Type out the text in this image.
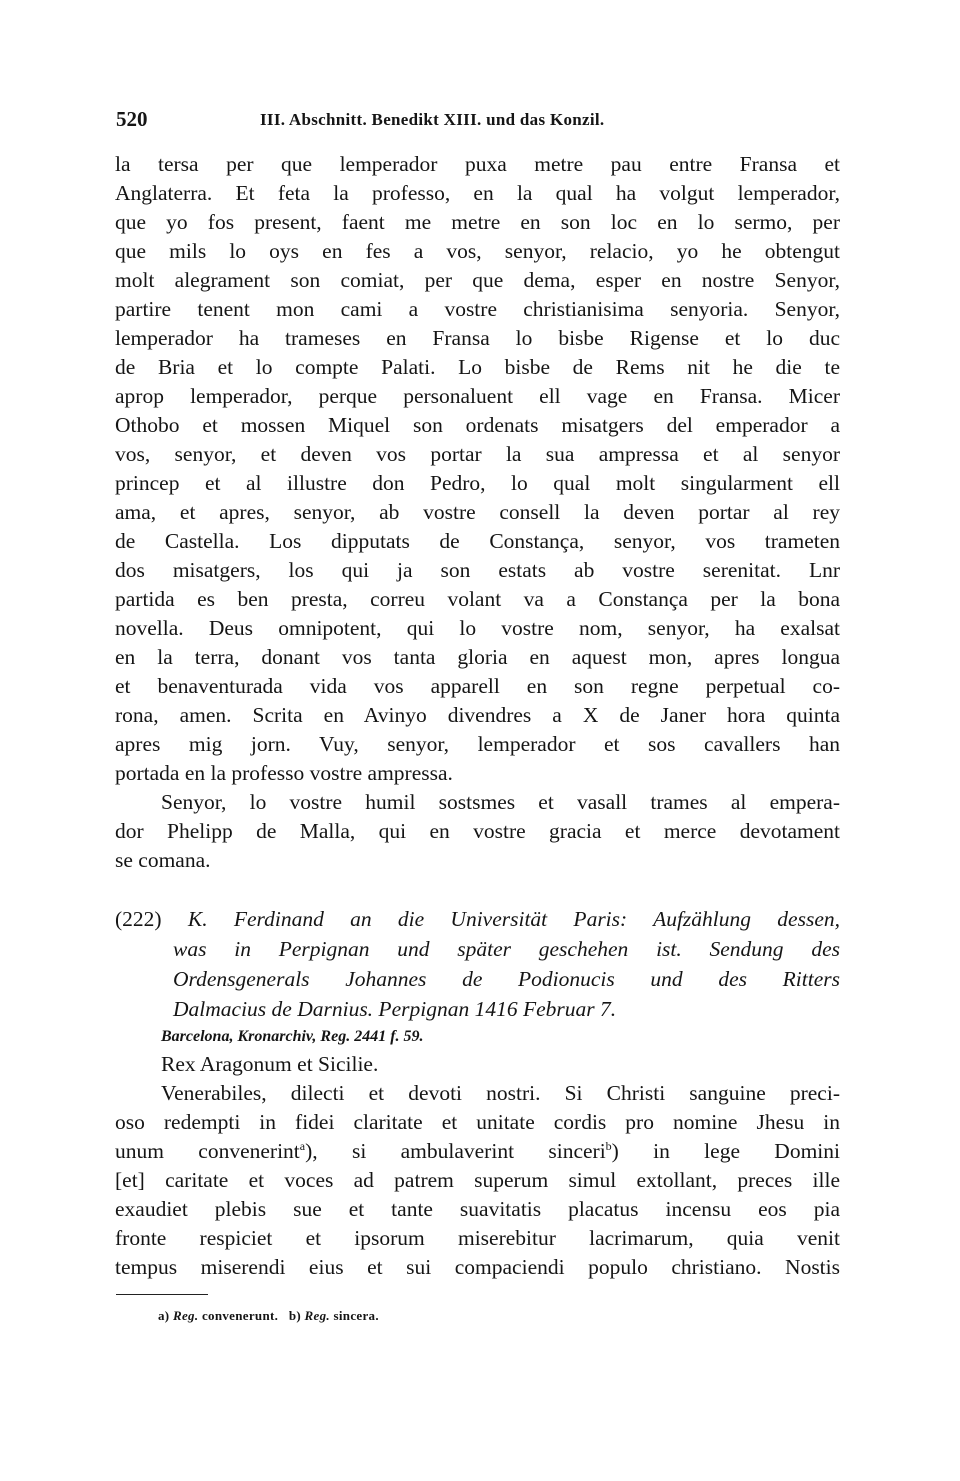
520	III. Abschnitt. Benedikt XIII. und das Konzil.
la tersa per que lemperador puxa metre pau entre Fransa et
Anglaterra. Et feta la professo, en la qual ha volgut lemperador,
que yo fos present, faent me metre en son loc en lo sermo, per
que mils lo oys en fes a vos, senyor, relacio, yo he obtengut
molt alegrament son comiat, per que dema, esper en nostre Senyor,
partire tenent mon cami a vostre christianisima senyoria. Senyor,
lemperador ha trameses en Fransa lo bisbe Rigense et lo duc
de Bria et lo compte Palati. Lo bisbe de Rems nit he die te
aprop lemperador, perque personaluent ell vage en Fransa. Micer
Othobo et mossen Miquel son ordenats misatgers del emperador a
vos, senyor, et deven vos portar la sua ampressa et al senyor
princep et al illustre don Pedro, lo qual molt singularment ell
ama, et apres, senyor, ab vostre consell la deven portar al rey
de Castella. Los dipputats de Constança, senyor, vos trameten
dos misatgers, los qui ja son estats ab vostre serenitat. Lnr
partida es ben presta, correu volant va a Constança per la bona
novella. Deus omnipotent, qui lo vostre nom, senyor, ha exalsat
en la terra, donant vos tanta gloria en aquest mon, apres longua
et benaventurada vida vos apparell en son regne perpetual co-
rona, amen. Scrita en Avinyo divendres a X de Janer hora quinta
apres mig jorn. Vuy, senyor, lemperador et sos cavallers han
portada en la professo vostre ampressa.
Senyor, lo vostre humil sostsmes et vasall trames al empera-
dor Phelipp de Malla, qui en vostre gracia et merce devotament
se comana.
(222) K. Ferdinand an die Universität Paris: Aufzählung dessen,
was in Perpignan und später geschehen ist. Sendung des
Ordensgenerals Johannes de Podionucis und des Ritters
Dalmacius de Darnius. Perpignan 1416 Februar 7.
Barcelona, Kronarchiv, Reg. 2441 f. 59.
Rex Aragonum et Sicilie.
Venerabiles, dilecti et devoti nostri. Si Christi sanguine preci-
oso redempti in fidei claritate et unitate cordis pro nomine Jhesu in
unum convenerint$^a$), si ambulaverint sinceri$^b$) in lege Domini
[et] caritate et voces ad patrem superum simul extollant, preces ille
exaudiet plebis sue et tante suavitatis placatus incensu eos pia
fronte respiciet et ipsorum miserebitur lacrimarum, quia venit
tempus miserendi eius et sui compaciendi populo christiano. Nostis
a) Reg. convenerunt. b) Reg. sincera.
